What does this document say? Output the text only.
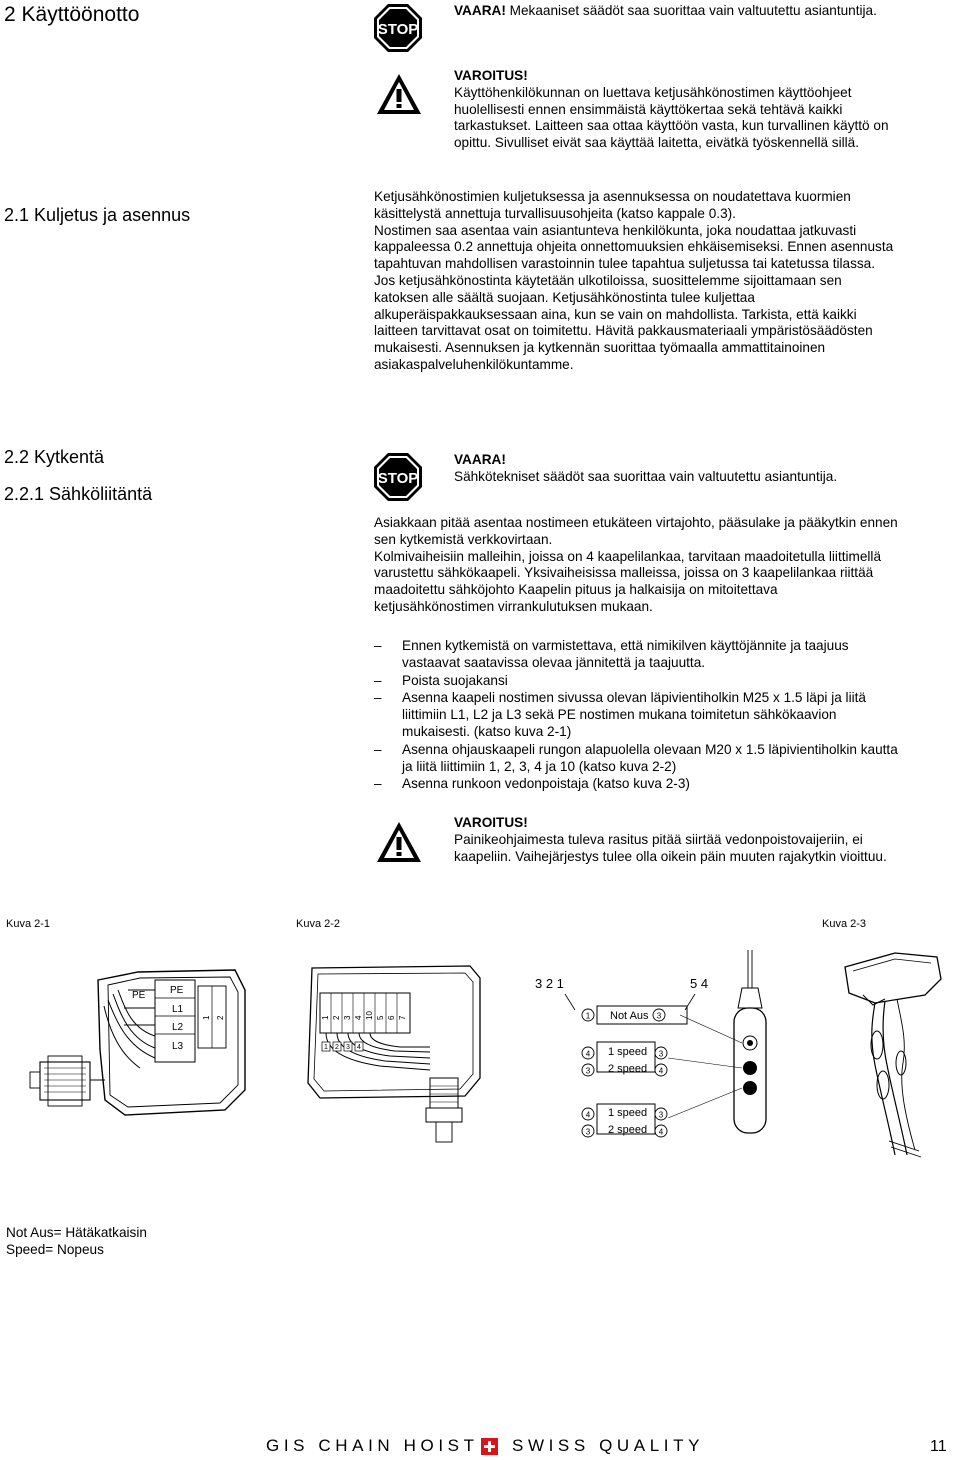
2 Käyttöönotto
STOP
VAARA! Mekaaniset säädöt saa suorittaa vain valtuutettu asiantuntija.
VAROITUS!
Käyttöhenkilökunnan on luettava ketjusähkönostimen käyttöohjeet
huolellisesti ennen ensimmäistä käyttökertaa sekä tehtävä kaikki
tarkastukset. Laitteen saa ottaa käyttöön vasta, kun turvallinen käyttö on
opittu. Sivulliset eivät saa käyttää laitetta, eivätkä työskennellä sillä.
2.1 Kuljetus ja asennus
Ketjusähkönostimien kuljetuksessa ja asennuksessa on noudatettava kuormien
käsittelystä annettuja turvallisuusohjeita (katso kappale 0.3).
Nostimen saa asentaa vain asiantunteva henkilökunta, joka noudattaa jatkuvasti
kappaleessa 0.2 annettuja ohjeita onnettomuuksien ehkäisemiseksi. Ennen asennusta
tapahtuvan mahdollisen varastoinnin tulee tapahtua suljetussa tai katetussa tilassa.
Jos ketjusähkönostinta käytetään ulkotiloissa, suosittelemme sijoittamaan sen
katoksen alle säältä suojaan. Ketjusähkönostinta tulee kuljettaa
alkuperäispakkauksessaan aina, kun se vain on mahdollista. Tarkista, että kaikki
laitteen tarvittavat osat on toimitettu. Hävitä pakkausmateriaali ympäristösäädösten
mukaisesti. Asennuksen ja kytkennän suorittaa työmaalla ammattitainoinen
asiakaspalveluhenkilökuntamme.
2.2 Kytkentä
2.2.1 Sähköliitäntä
STOP
VAARA!
Sähkötekniset säädöt saa suorittaa vain valtuutettu asiantuntija.
Asiakkaan pitää asentaa nostimeen etukäteen virtajohto, pääsulake ja pääkytkin ennen
sen kytkemistä verkkovirtaan.
Kolmivaiheisiin malleihin, joissa on 4 kaapelilankaa, tarvitaan maadoitetulla liittimellä
varustettu sähkökaapeli. Yksivaiheisissa malleissa, joissa on 3 kaapelilankaa riittää
maadoitettu sähköjohto Kaapelin pituus ja halkaisija on mitoitettava
ketjusähkönostimen virrankulutuksen mukaan.
– Ennen kytkemistä on varmistettava, että nimikilven käyttöjännite ja taajuus
vastaavat saatavissa olevaa jännitettä ja taajuutta.
– Poista suojakansi
– Asenna kaapeli nostimen sivussa olevan läpivientiholkin M25 x 1.5 läpi ja liitä
liittimiin L1, L2 ja L3 sekä PE nostimen mukana toimitetun sähkökaavion
mukaisesti. (katso kuva 2-1)
– Asenna ohjauskaapeli rungon alapuolella olevaan M20 x 1.5 läpivientiholkin kautta
ja liitä liittimiin 1, 2, 3, 4 ja 10 (katso kuva 2-2)
– Asenna runkoon vedonpoistaja (katso kuva 2-3)
VAROITUS!
Painikeohjaimesta tuleva rasitus pitää siirtää vedonpoistovaijeriin, ei
kaapeliin. Vaihejärjestys tulee olla oikein päin muuten rajakytkin vioittuu.
Kuva 2-1	Kuva 2-2	Kuva 2-3
PE PE
L1
L2
L3
1 2	1 2 3 4 10 5 6 7
1 2 3 4
3 2 1	5 4
1 Not Aus 3
4 1 speed 3
3 2 speed 4
4 1 speed 3
3 2 speed 4
Not Aus= Hätäkatkaisin
Speed= Nopeus
GIS CHAIN HOIST SWISS QUALITY	11
